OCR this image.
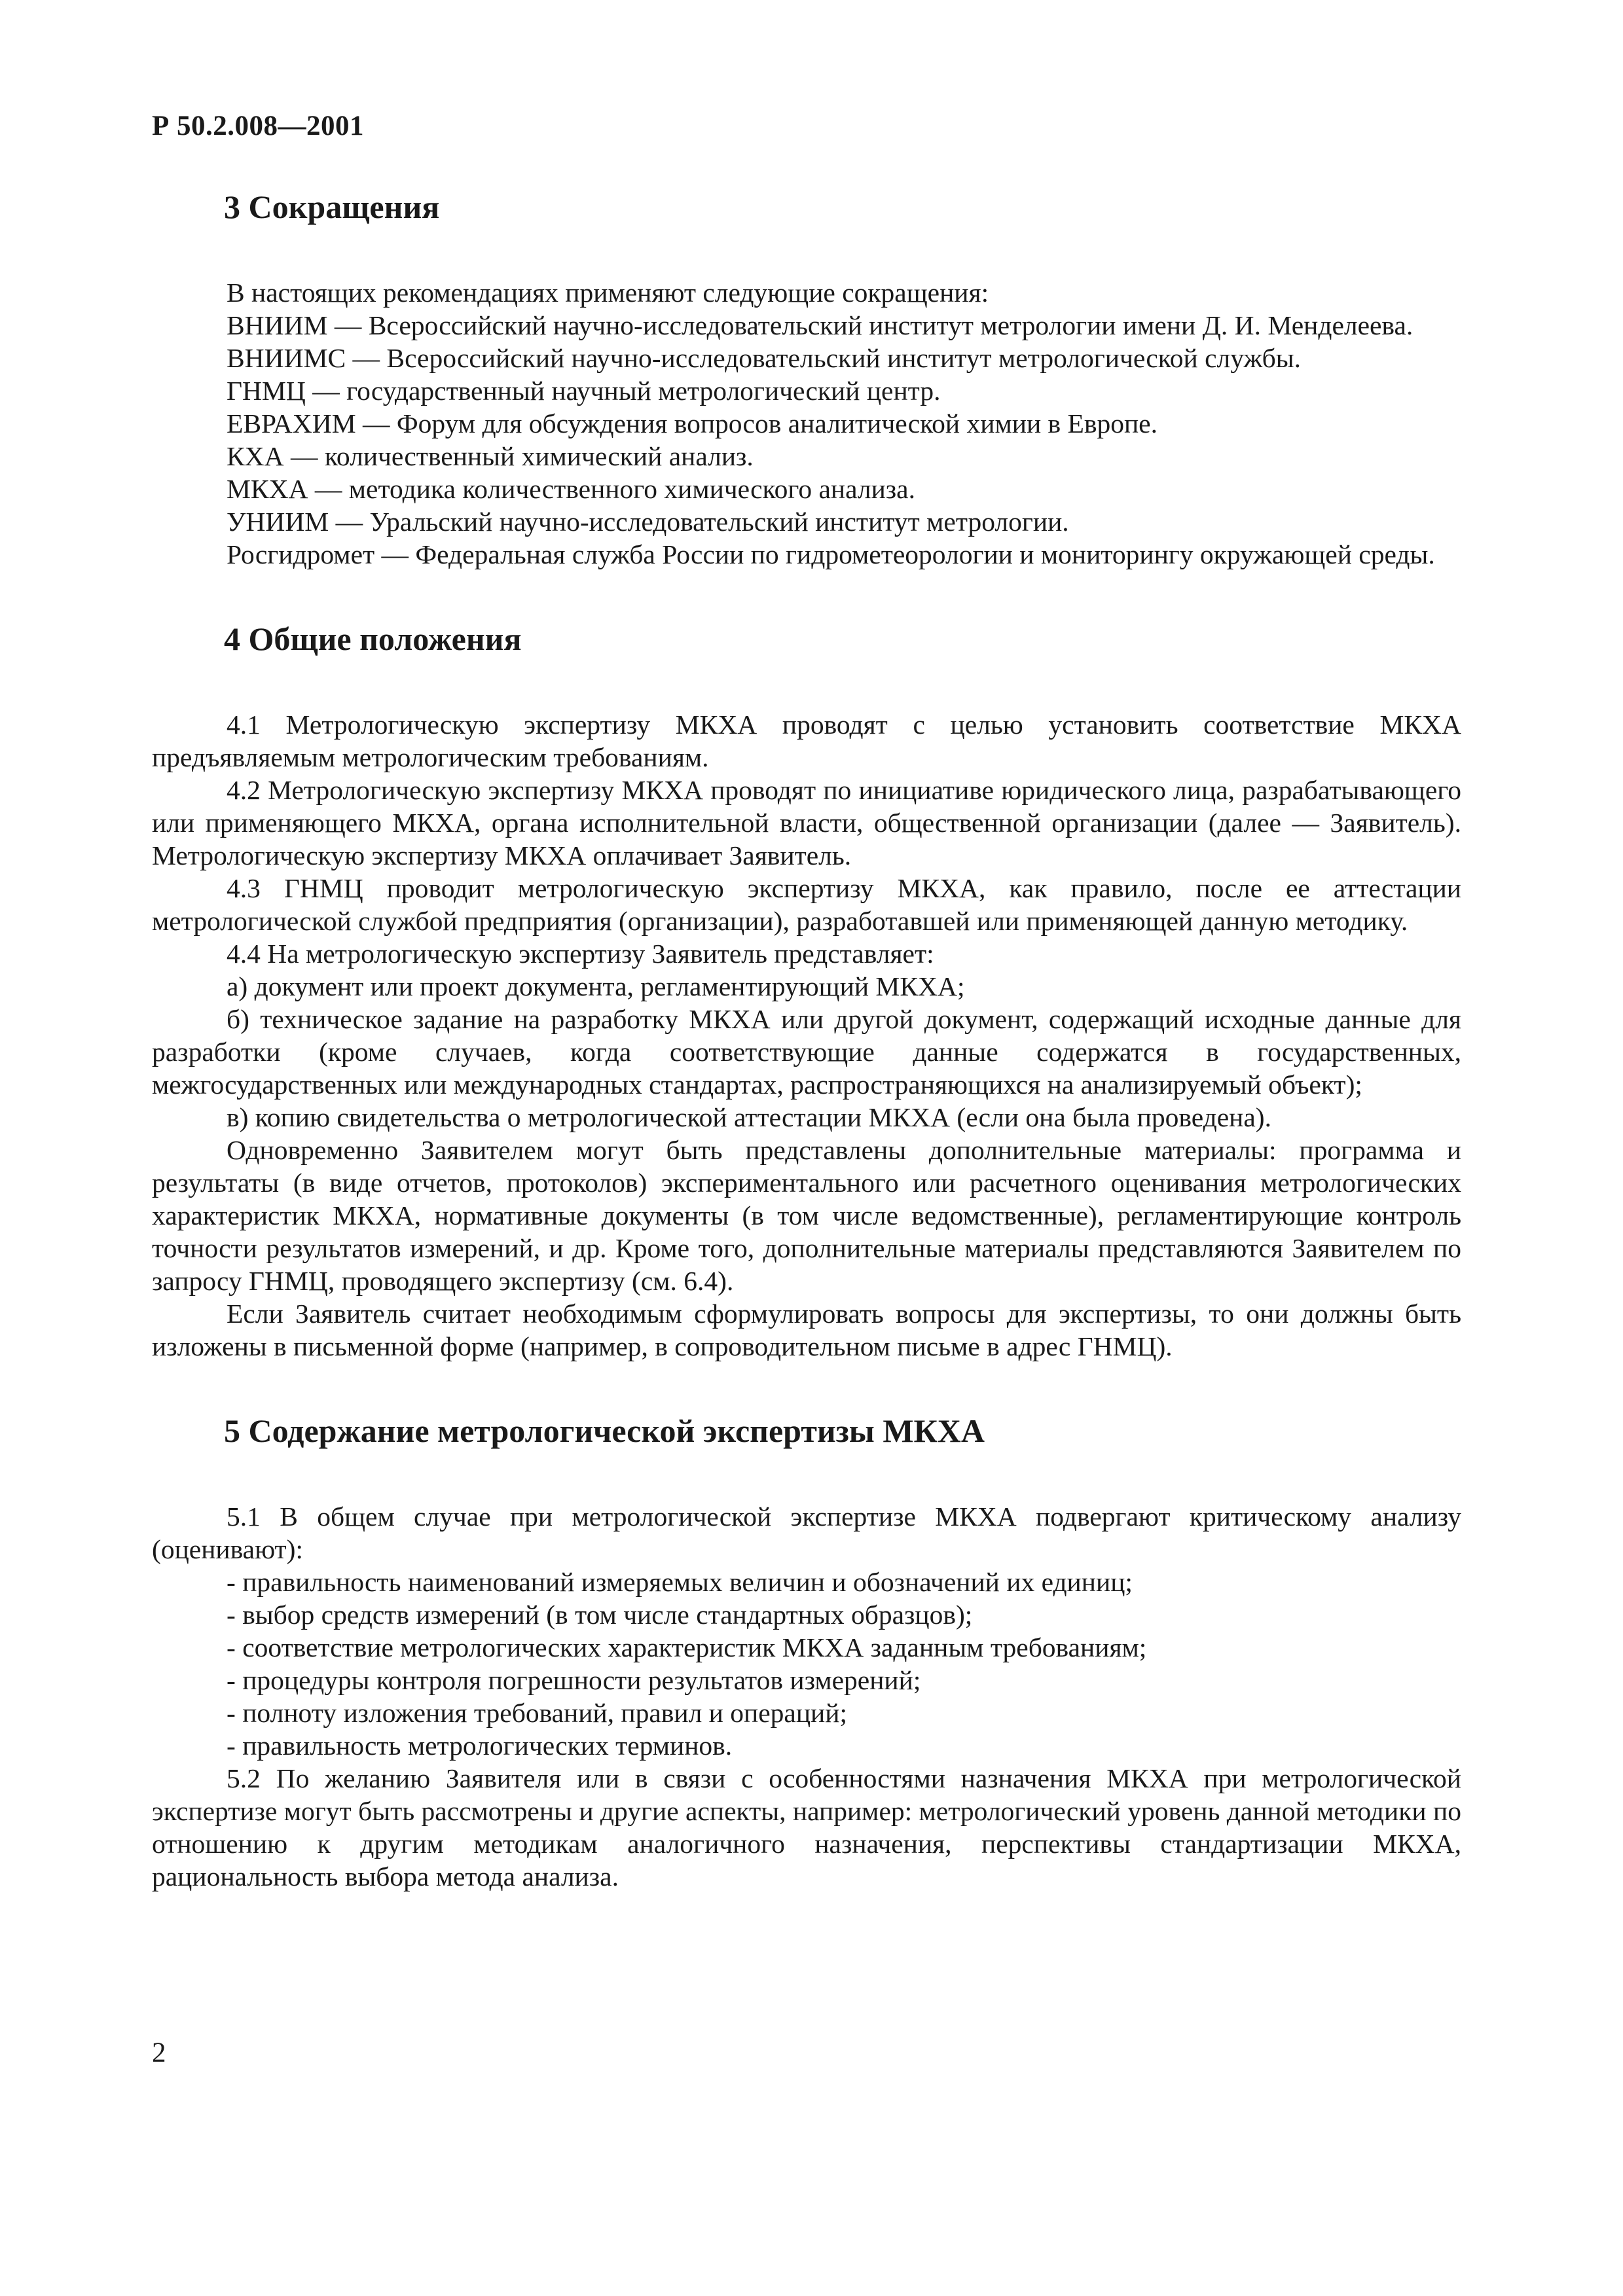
Р 50.2.008—2001
3 Сокращения

В настоящих рекомендациях применяют следующие сокращения:

ВНИИМ — Всероссийский научно-исследовательский институт метрологии имени Д. И. Менделеева.

ВНИИМС — Всероссийский научно-исследовательский институт метрологической службы.

ГНМЦ — государственный научный метрологический центр.

ЕВРАХИМ — Форум для обсуждения вопросов аналитической химии в Европе.

КХА — количественный химический анализ.

МКХА — методика количественного химического анализа.

УНИИМ — Уральский научно-исследовательский институт метрологии.

Росгидромет — Федеральная служба России по гидрометеорологии и мониторингу окружающей среды.

4 Общие положения

4.1 Метрологическую экспертизу МКХА проводят с целью установить соответствие МКХА предъявляемым метрологическим требованиям.

4.2 Метрологическую экспертизу МКХА проводят по инициативе юридического лица, разрабатывающего или применяющего МКХА, органа исполнительной власти, общественной организации (далее — Заявитель). Метрологическую экспертизу МКХА оплачивает Заявитель.

4.3 ГНМЦ проводит метрологическую экспертизу МКХА, как правило, после ее аттестации метрологической службой предприятия (организации), разработавшей или применяющей данную методику.

4.4 На метрологическую экспертизу Заявитель представляет:

а) документ или проект документа, регламентирующий МКХА;

б) техническое задание на разработку МКХА или другой документ, содержащий исходные данные для разработки (кроме случаев, когда соответствующие данные содержатся в государственных, межгосударственных или международных стандартах, распространяющихся на анализируемый объект);

в) копию свидетельства о метрологической аттестации МКХА (если она была проведена).

Одновременно Заявителем могут быть представлены дополнительные материалы: программа и результаты (в виде отчетов, протоколов) экспериментального или расчетного оценивания метрологических характеристик МКХА, нормативные документы (в том числе ведомственные), регламентирующие контроль точности результатов измерений, и др. Кроме того, дополнительные материалы представляются Заявителем по запросу ГНМЦ, проводящего экспертизу (см. 6.4).

Если Заявитель считает необходимым сформулировать вопросы для экспертизы, то они должны быть изложены в письменной форме (например, в сопроводительном письме в адрес ГНМЦ).

5 Содержание метрологической экспертизы МКХА

5.1 В общем случае при метрологической экспертизе МКХА подвергают критическому анализу (оценивают):

- правильность наименований измеряемых величин и обозначений их единиц;
- выбор средств измерений (в том числе стандартных образцов);
- соответствие метрологических характеристик МКХА заданным требованиям;
- процедуры контроля погрешности результатов измерений;
- полноту изложения требований, правил и операций;
- правильность метрологических терминов.

5.2 По желанию Заявителя или в связи с особенностями назначения МКХА при метрологической экспертизе могут быть рассмотрены и другие аспекты, например: метрологический уровень данной методики по отношению к другим методикам аналогичного назначения, перспективы стандартизации МКХА, рациональность выбора метода анализа.

2
